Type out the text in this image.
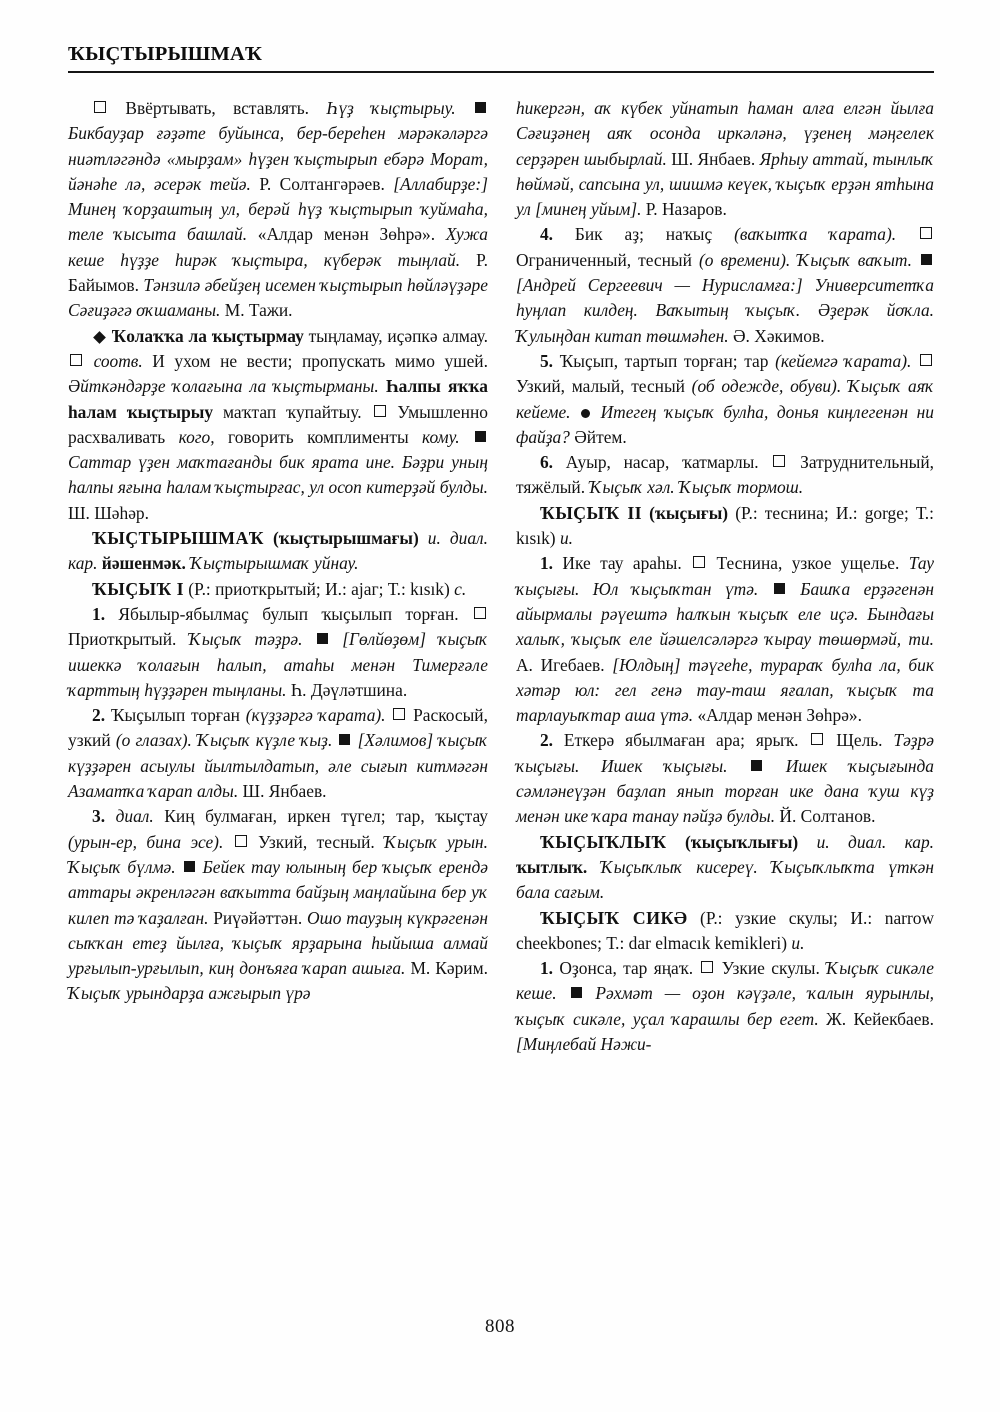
ҠЫҪТЫРЫШМАҠ

Ввёртывать, вставлять. Һүҙ ҡыҫтырыу.  Бикбауҙар ғәҙәте буйынса, бер-береһен мәрәкәләргә ниәтләгәндә «мырҙам» һүҙен ҡыҫтырып ебәрә Морат, йәнәһе лә, әсерәк тейә. Р. Солтангәрәев. [Аллабирҙе:] Минең ҡорҙаштың ул, берәй һүҙ ҡыҫтырып ҡуймаһа, теле ҡысыта башлай. «Алдар менән Зөһрә». Хужа кеше һүҙҙе һирәк ҡыҫтыра, күберәк тыңлай. Р. Байымов. Тәнзилә әбейҙең исемен ҡыҫтырып һөйләүҙәре Сәғиҙәгә оҡшаманы. М. Тажи.

Ҡолаҡҡа ла ҡыҫтырмау тыңламау, иҫәпкә алмау.  соотв. И ухом не вести; пропускать мимо ушей. Әйткәндәрҙе ҡолағына ла ҡыҫтырманы. Һалпы яҡҡа һалам ҡыҫтырыу маҡтап ҡупайтыу.  Умышленно расхваливать кого, говорить комплименты кому.  Саттар үҙен маҡтағанды бик ярата ине. Бәҙри уның һалпы яғына һалам ҡыҫтырғас, ул осоп китерҙәй булды. Ш. Шәһәр.

ҠЫҪТЫРЫШМАҠ (ҡыҫтырышмағы) и. диал. кар. йәшенмәк. Ҡыҫтырышмаҡ уйнау.

ҠЫҪЫҠ I (Р.: приоткрытый; И.: ajaг; Т.: kısık) с.

1. Ябылыр-ябылмаҫ булып ҡыҫылып торған.  Приоткрытый. Ҡыҫыҡ тәҙрә.  [Гөлйөҙөм] ҡыҫыҡ ишеккә ҡолағын һалып, атаһы менән Тимерғәле ҡарттың һүҙҙәрен тыңланы. Һ. Дәүләтшина.

2. Ҡыҫылып торған (күҙҙәргә ҡарата).  Раскосый, узкий (о глазах). Ҡыҫыҡ күҙле ҡыҙ.  [Хәлимов] ҡыҫыҡ күҙҙәрен асыулы йылтылдатып, әле сығып китмәгән Азаматҡа ҡарап алды. Ш. Янбаев.

3. диал. Киң булмаған, иркен түгел; тар, ҡыҫтау (урын-ер, бина эсе).  Узкий, тесный. Ҡыҫыҡ урын. Ҡыҫыҡ бүлмә.  Бейек тау юлының бер ҡыҫыҡ ерендә аттары әкренләгән ваҡытта байҙың маңлайына бер уҡ килеп тә ҡаҙалған. Риүәйәттән. Ошо тауҙың күкрәгенән сыҡҡан етеҙ йылға, ҡыҫыҡ ярҙарына һыйыша алмай урғылып-урғылып, киң донъяға ҡарап ашыға. М. Кәрим. Ҡыҫыҡ урындарҙа ажғырып үрә

һикергән, аҡ күбек уйнатып һаман алға елгән йылға Сәғиҙәнең аяҡ осонда иркәләнә, үҙенең мәңгелек серҙәрен шыбырлай. Ш. Янбаев. Ярһыу аттай, тынлыҡ һөймәй, сапсына ул, шишмә кеүек, ҡыҫыҡ ерҙән ятһына ул [минең уйым]. Р. Назаров.

4. Бик аҙ; наҡыҫ (ваҡытҡа ҡарата).  Ограниченный, тесный (о времени). Ҡыҫыҡ ваҡыт.  [Андрей Сергеевич — Нурисламға:] Университетҡа һуңлап килдең. Ваҡытың ҡыҫыҡ. Әҙерәк йоҡла. Ҡулыңдан китап төшмәһен. Ә. Хәкимов.

5. Ҡыҫып, тартып торған; тар (кейемгә ҡарата).  Узкий, малый, тесный (об одежде, обуви). Ҡыҫыҡ аяҡ кейеме.  Итегең ҡыҫыҡ булһа, донья киңлегенән ни файҙа? Әйтем.

6. Ауыр, насар, ҡатмарлы.  Затруднительный, тяжёлый. Ҡыҫыҡ хәл. Ҡыҫыҡ тормош.

ҠЫҪЫҠ II (ҡыҫығы) (Р.: теснина; И.: gorge; Т.: kısık) и.

1. Ике тау араһы.  Теснина, узкое ущелье. Тау ҡыҫығы. Юл ҡыҫыҡтан үтә.  Башҡа ерҙәгенән айырмалы рәүештә һалҡын ҡыҫыҡ еле иҫә. Бындағы халыҡ, ҡыҫыҡ еле йәшелсәләргә ҡырау төшөрмәй, ти. А. Игебаев. [Юлдың] тәүгеһе, турараҡ булһа ла, бик хәтәр юл: гел генә тау-таш яғалап, ҡыҫыҡ та тарлауыҡтар аша үтә. «Алдар менән Зөһрә».

2. Еткерә ябылмаған ара; ярыҡ.  Щель. Тәҙрә ҡыҫығы. Ишек ҡыҫығы.  Ишек ҡыҫығында сәмләнеүҙән баҙлап янып торған ике дана ҡуш күҙ менән ике ҡара танау пәйҙә булды. Й. Солтанов.

ҠЫҪЫҠЛЫҠ (ҡыҫыҡлығы) и. диал. кар. ҡытлыҡ. Ҡыҫыҡлыҡ кисереү. Ҡыҫыҡлыҡта үткән бала сағым.

ҠЫҪЫҠ СИКӘ (Р.: узкие скулы; И.: narrow cheekbones; Т.: dar elmacık kemikleri) и.

1. Оҙонса, тар яңаҡ.  Узкие скулы. Ҡыҫыҡ сикәле кеше.  Рәхмәт — оҙон кәүҙәле, ҡалын яурынлы, ҡыҫыҡ сикәле, уҫал ҡарашлы бер егет. Ж. Кейекбаев. [Миңлебай Нәжи-

808
